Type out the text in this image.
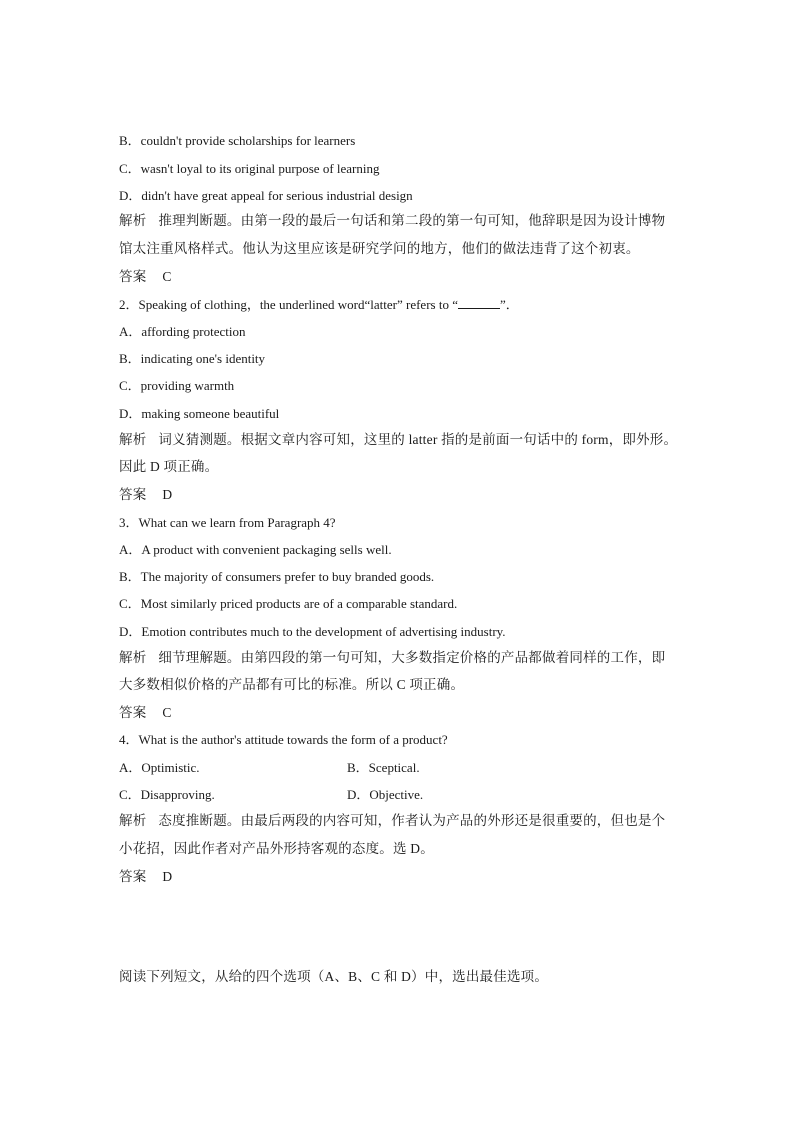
B．couldn't provide scholarships for learners
C．wasn't loyal to its original purpose of learning
D．didn't have great appeal for serious industrial design
解析 推理判断题。由第一段的最后一句话和第二段的第一句可知，他辞职是因为设计博物
馆太注重风格样式。他认为这里应该是研究学问的地方，他们的做法违背了这个初衷。
答案 C
2．Speaking of clothing，the underlined word“latter” refers to “	”．
A．affording protection
B．indicating one's identity
C．providing warmth
D．making someone beautiful
解析 词义猜测题。根据文章内容可知，这里的 latter 指的是前面一句话中的 form，即外形。
因此 D 项正确。
答案 D
3．What can we learn from Paragraph 4?
A．A product with convenient packaging sells well.
B．The majority of consumers prefer to buy branded goods.
C．Most similarly priced products are of a comparable standard.
D．Emotion contributes much to the development of advertising industry.
解析 细节理解题。由第四段的第一句可知，大多数指定价格的产品都做着同样的工作，即
大多数相似价格的产品都有可比的标准。所以 C 项正确。
答案 C
4．What is the author's attitude towards the form of a product?
A．Optimistic.	B．Sceptical.
C．Disapproving.	D．Objective.
解析 态度推断题。由最后两段的内容可知，作者认为产品的外形还是很重要的，但也是个
小花招，因此作者对产品外形持客观的态度。选 D。
答案 D
阅读下列短文，从给的四个选项（A、B、C 和 D）中，选出最佳选项。
